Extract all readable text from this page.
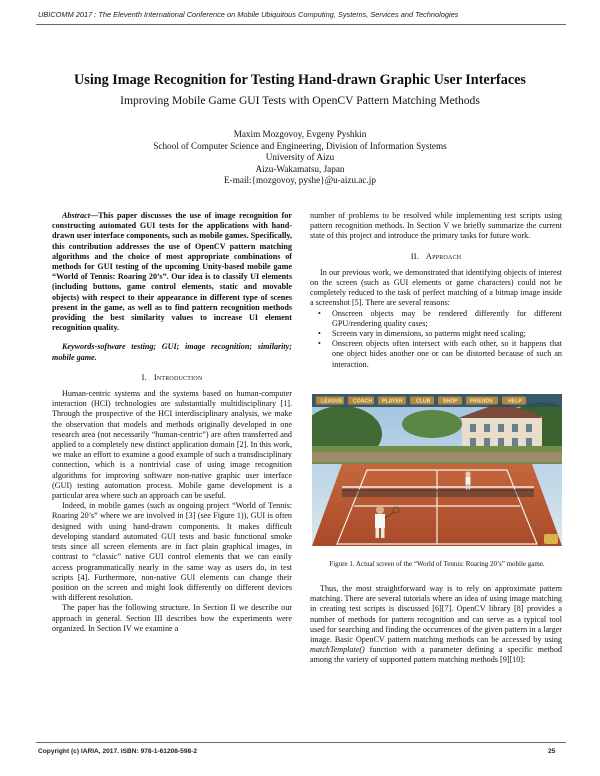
UBICOMM 2017 : The Eleventh International Conference on Mobile Ubiquitous Computing, Systems, Services and Technologies
Using Image Recognition for Testing Hand-drawn Graphic User Interfaces
Improving Mobile Game GUI Tests with OpenCV Pattern Matching Methods
Maxim Mozgovoy, Evgeny Pyshkin
School of Computer Science and Engineering, Division of Information Systems
University of Aizu
Aizu-Wakamatsu, Japan
E-mail:{mozgovoy, pyshe}@u-aizu.ac.jp

Abstract—This paper discusses the use of image recognition for constructing automated GUI tests for the applications with hand-drawn user interface components, such as mobile games. Specifically, this contribution addresses the use of OpenCV pattern matching algorithms and the choice of most appropriate combinations of methods for GUI testing of the upcoming Unity-based mobile game “World of Tennis: Roaring 20’s”. Our idea is to classify UI elements (including buttons, game control elements, static and movable objects) with respect to their appearance in different type of scenes present in the game, as well as to find pattern recognition methods providing the best similarity values to increase UI element recognition quality.

Keywords-software testing; GUI; image recognition; similarity; mobile game.

I. Introduction

Human-centric systems and the systems based on human-computer interaction (HCI) technologies are substantially multidisciplinary [1]. Through the prospective of the HCI interdisciplinary analysis, we make the observation that models and methods originally developed in one research area (not necessarily “human-centric”) are often transferred and applied to a completely new distinct application domain [2]. In this work, we make an effort to examine a good example of such a transdisciplinary connection, which is a nontrivial case of using image recognition algorithms for improving software non-native graphic user interface (GUI) testing automation process. Mobile game development is a particular area where such an approach can be useful.

Indeed, in mobile games (such as ongoing project “World of Tennis: Roaring 20’s” where we are involved in [3] (see Figure 1)), GUI is often designed with using hand-drawn components. It makes difficult developing standard automated GUI tests and basic functional smoke tests since all screen elements are in fact plain graphical images, in contrast to “classic” native GUI control elements that we can easily access programmatically nearly in the same way as users do, in test scripts [4]. Furthermore, non-native GUI elements can change their position on the screen and might look differently on different devices with different resolution.

The paper has the following structure. In Section II we describe our approach in general. Section III describes how the experiments were organized. In Section IV we examine a

number of problems to be resolved while implementing test scripts using pattern recognition methods. In Section V we briefly summarize the current state of this project and introduce the primary tasks for future work.

II. Approach

In our previous work, we demonstrated that identifying objects of interest on the screen (such as GUI elements or game characters) could not be completely reduced to the task of perfect matching of a bitmap image inside a screenshot [5]. There are several reasons:

• Onscreen objects may be rendered differently for different GPU/rendering quality cases;
• Screens vary in dimensions, so patterns might need scaling;
• Onscreen objects often intersect with each other, so it happens that one object hides another one or can be distorted because of such an interaction.
LEAGUE COACH PLAYER	CLUB SHOP FRIENDS	HELP
Figure 1. Actual screen of the “World of Tennis: Roaring 20’s” mobile game.

Thus, the most straightforward way is to rely on approximate pattern matching. There are several tutorials where an idea of using image matching in creating test scripts is discussed [6][7]. OpenCV library [8] provides a number of methods for pattern recognition and can serve as a typical tool used for searching and finding the occurrences of the given pattern in a larger image. Basic OpenCV pattern matching methods can be accessed by using matchTemplate() function with a parameter defining a specific method among the variety of supported pattern matching methods [9][10]:

Copyright (c) IARIA, 2017. ISBN: 978-1-61208-598-2	25
